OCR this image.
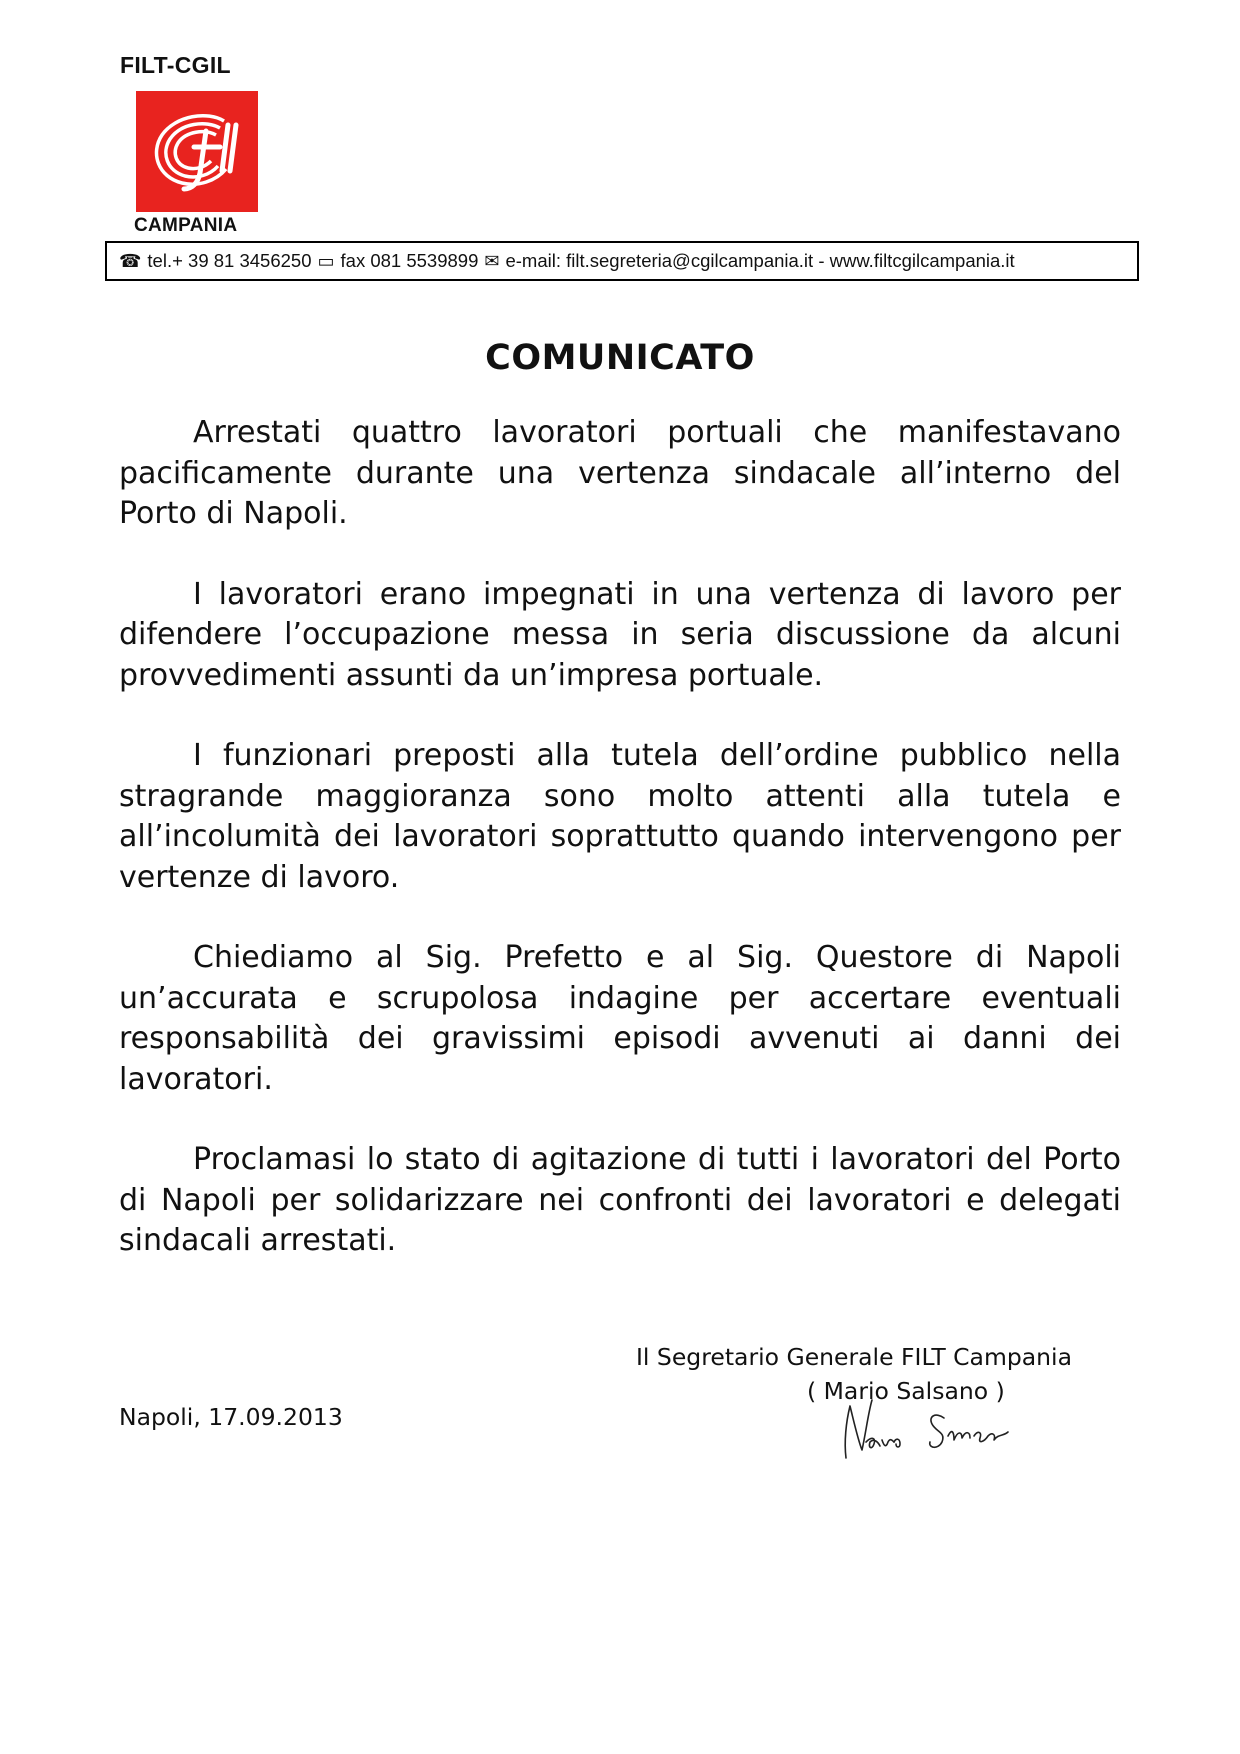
FILT-CGIL
CAMPANIA
☎ tel.+ 39 81 3456250 ▭ fax 081 5539899 ✉ e-mail: filt.segreteria@cgilcampania.it - www.filtcgilcampania.it
COMUNICATO

Arrestati quattro lavoratori portuali che manifestavano pacificamente durante una vertenza sindacale all’interno del Porto di Napoli.

I lavoratori erano impegnati in una vertenza di lavoro per difendere l’occupazione messa in seria discussione da alcuni provvedimenti assunti da un’impresa portuale.

I funzionari preposti alla tutela dell’ordine pubblico nella stragrande maggioranza sono molto attenti alla tutela e all’incolumità dei lavoratori soprattutto quando intervengono per vertenze di lavoro.

Chiediamo al Sig. Prefetto e al Sig. Questore di Napoli un’accurata e scrupolosa indagine per accertare eventuali responsabilità dei gravissimi episodi avvenuti ai danni dei lavoratori.

Proclamasi lo stato di agitazione di tutti i lavoratori del Porto di Napoli per solidarizzare nei confronti dei lavoratori e delegati sindacali arrestati.

Il Segretario Generale FILT Campania
( Mario Salsano )
Napoli, 17.09.2013
